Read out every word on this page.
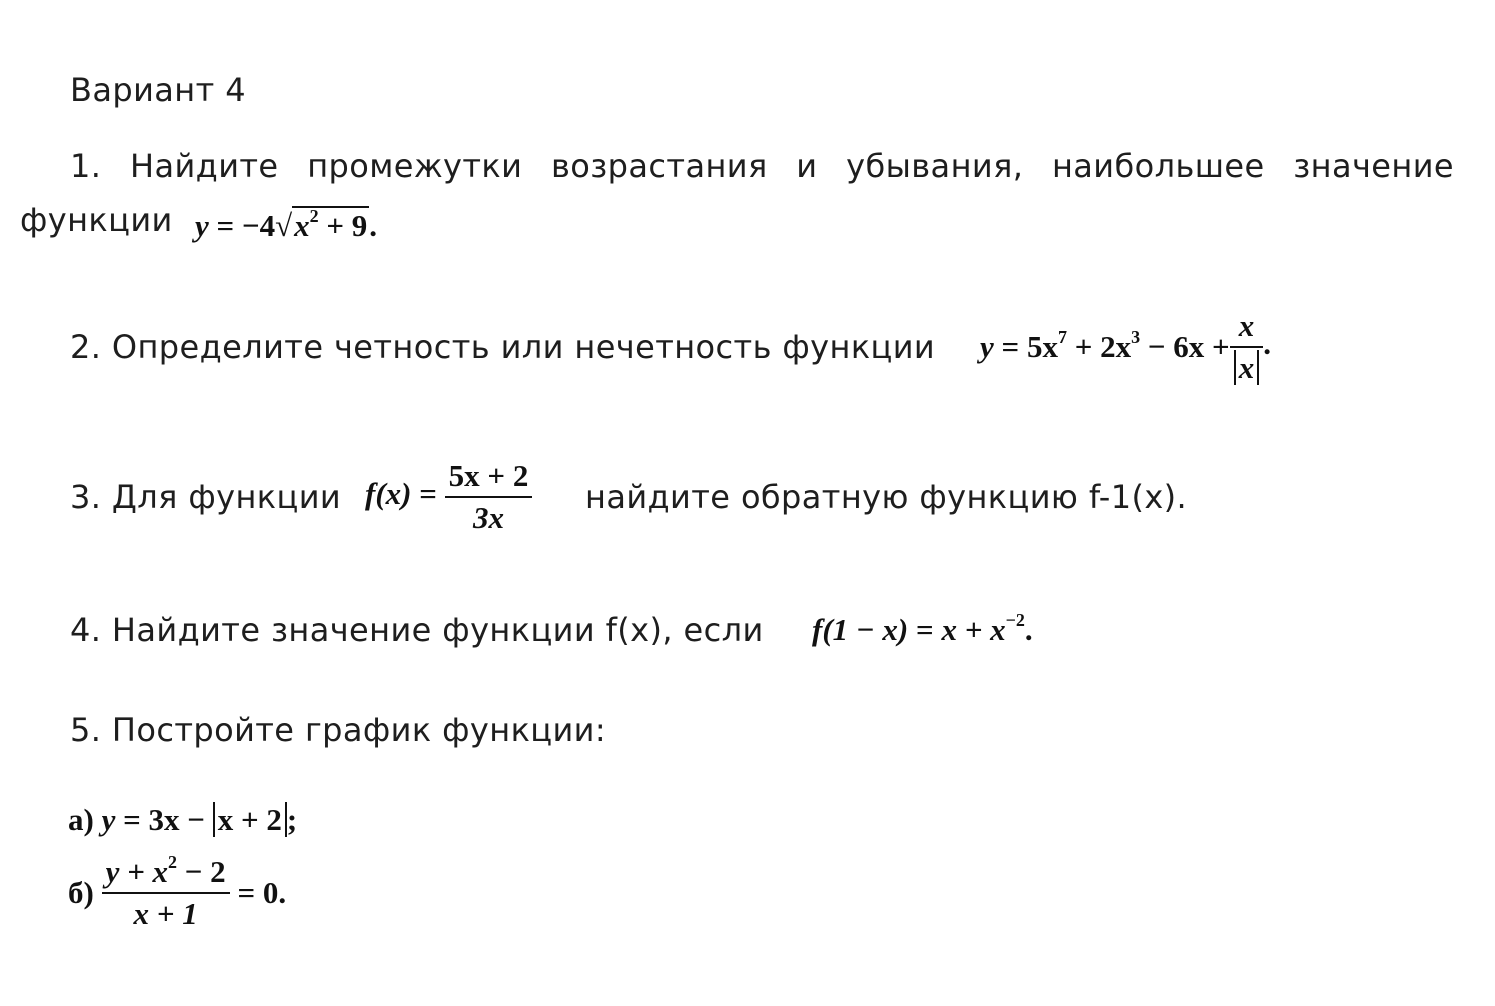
Вариант 4
1. Найдите промежутки возрастания и убывания, наибольшее значение
функции $y = -4√x^2 + 9$.
2. Определите четность или нечетность функции $y = 5x^7 + 2x^3 - 6x + \frac{x}{x}$ .
3. Для функции $f(x) = \frac{5x + 2}{3x}$ найдите обратную функцию f-1(x).
4. Найдите значение функции f(x), если $f(1 - x) = x + x^{-2}$.
5. Постройте график функции:
а) y = 3x − x + 2 ;
$б) \frac{y + x^2 - 2}{x + 1} = 0$.
